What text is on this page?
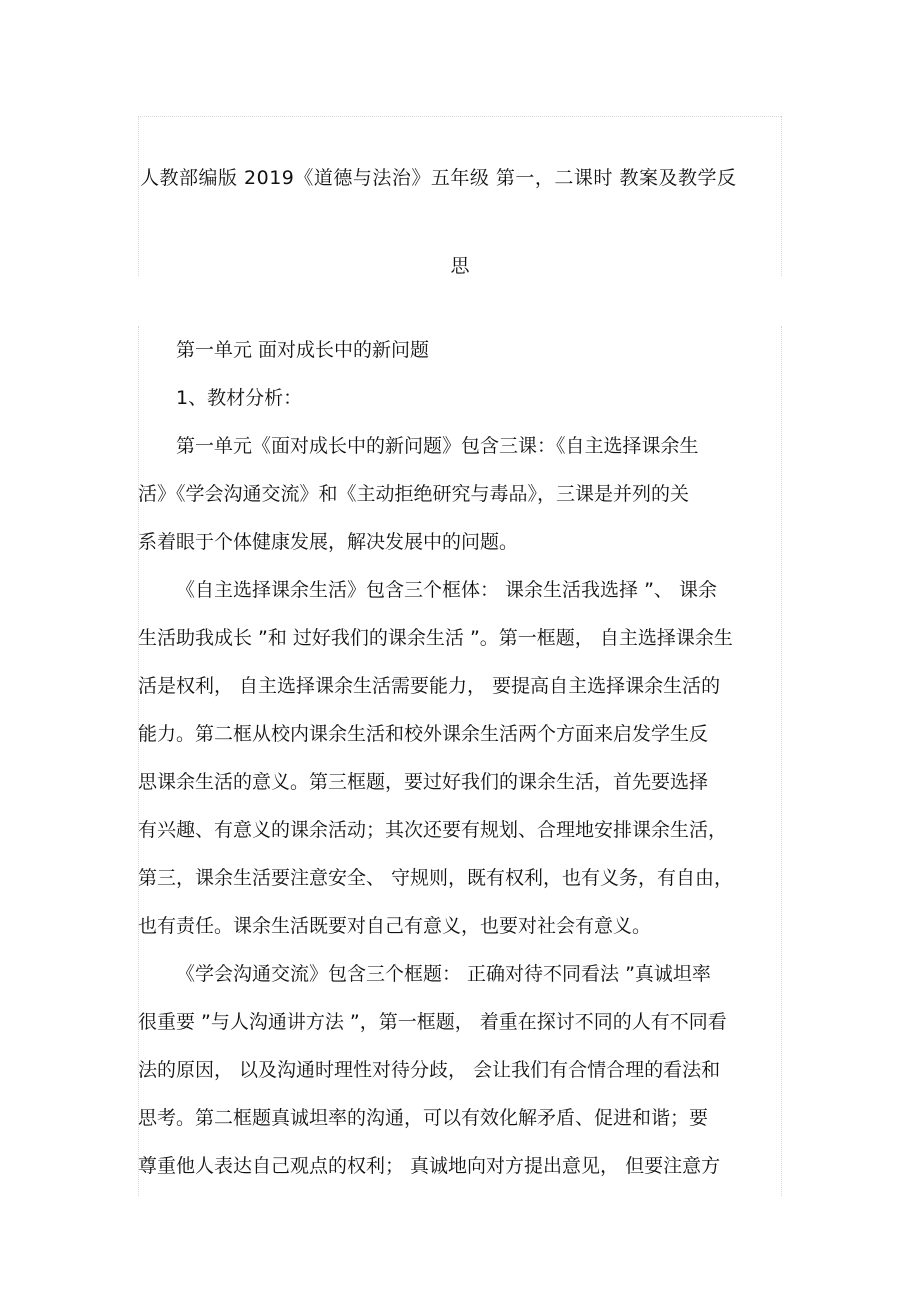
人教部编版 2019《道德与法治》五年级 第一，二课时 教案及教学反
思
第一单元 面对成长中的新问题
1、教材分析：
第一单元《面对成长中的新问题》包含三课：《自主选择课余生
活》《学会沟通交流》和《主动拒绝研究与毒品》，三课是并列的关
系着眼于个体健康发展，解决发展中的问题。
《自主选择课余生活》包含三个框体： 课余生活我选择 ”、 课余
生活助我成长 ”和 过好我们的课余生活 ”。第一框题， 自主选择课余生
活是权利， 自主选择课余生活需要能力， 要提高自主选择课余生活的
能力。第二框从校内课余生活和校外课余生活两个方面来启发学生反
思课余生活的意义。第三框题，要过好我们的课余生活，首先要选择
有兴趣、有意义的课余活动；其次还要有规划、合理地安排课余生活，
第三，课余生活要注意安全、 守规则，既有权利，也有义务，有自由，
也有责任。课余生活既要对自己有意义，也要对社会有意义。
《学会沟通交流》包含三个框题： 正确对待不同看法 ”真诚坦率
很重要 ”与人沟通讲方法 ”，第一框题， 着重在探讨不同的人有不同看
法的原因， 以及沟通时理性对待分歧， 会让我们有合情合理的看法和
思考。第二框题真诚坦率的沟通，可以有效化解矛盾、促进和谐；要
尊重他人表达自己观点的权利； 真诚地向对方提出意见， 但要注意方
